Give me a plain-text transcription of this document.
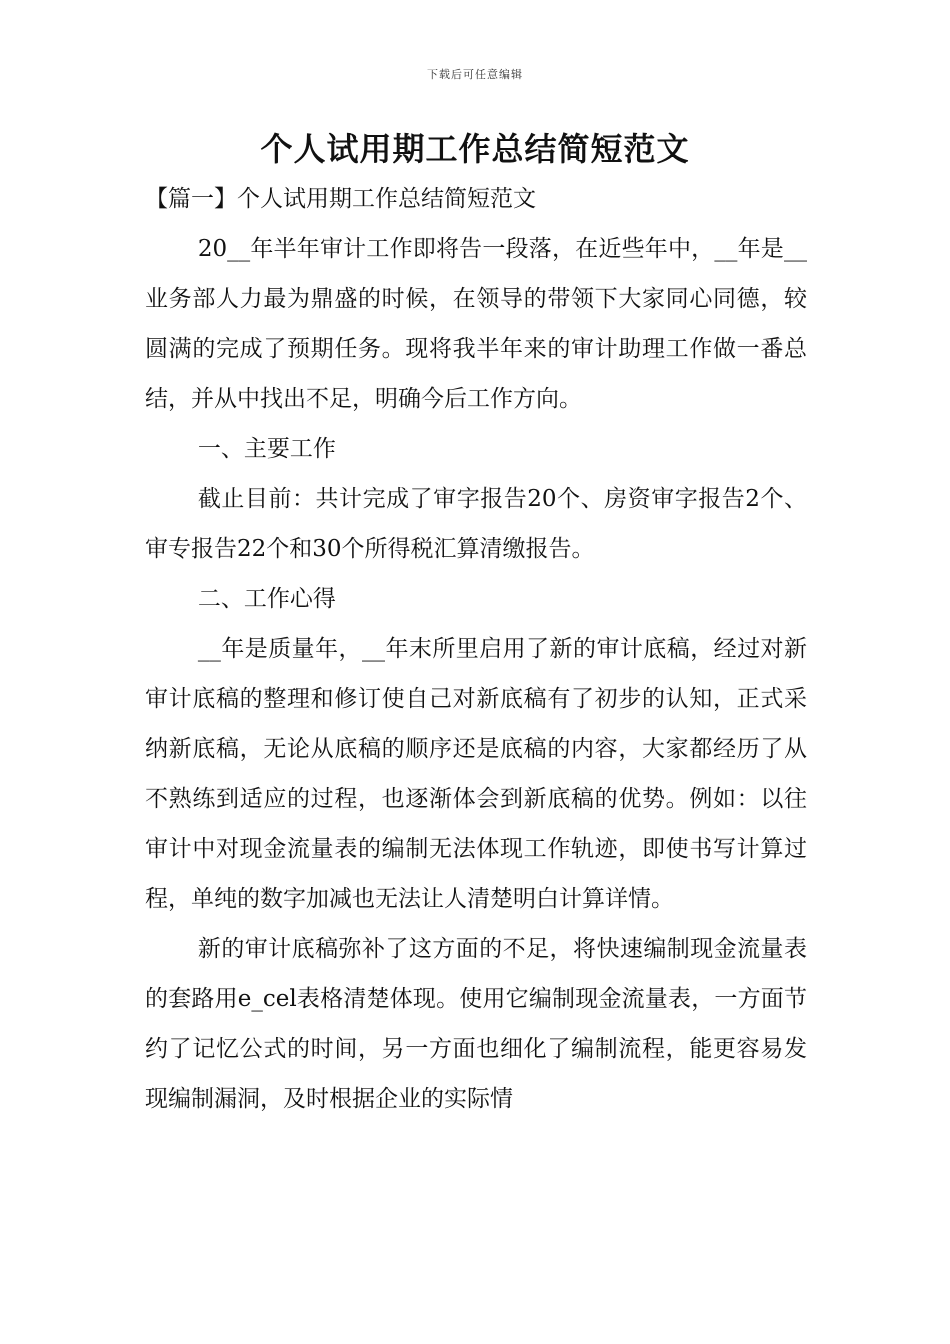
下载后可任意编辑
个人试用期工作总结简短范文
【篇一】个人试用期工作总结简短范文

20__年半年审计工作即将告一段落，在近些年中，__年是__业务部人力最为鼎盛的时候，在领导的带领下大家同心同德，较圆满的完成了预期任务。现将我半年来的审计助理工作做一番总结，并从中找出不足，明确今后工作方向。

一、主要工作

截止目前：共计完成了审字报告20个、房资审字报告2个、审专报告22个和30个所得税汇算清缴报告。

二、工作心得

__年是质量年，__年末所里启用了新的审计底稿，经过对新审计底稿的整理和修订使自己对新底稿有了初步的认知，正式采纳新底稿，无论从底稿的顺序还是底稿的内容，大家都经历了从不熟练到适应的过程，也逐渐体会到新底稿的优势。例如：以往审计中对现金流量表的编制无法体现工作轨迹，即使书写计算过程，单纯的数字加减也无法让人清楚明白计算详情。

新的审计底稿弥补了这方面的不足，将快速编制现金流量表的套路用e_cel表格清楚体现。使用它编制现金流量表，一方面节约了记忆公式的时间，另一方面也细化了编制流程，能更容易发现编制漏洞，及时根据企业的实际情
